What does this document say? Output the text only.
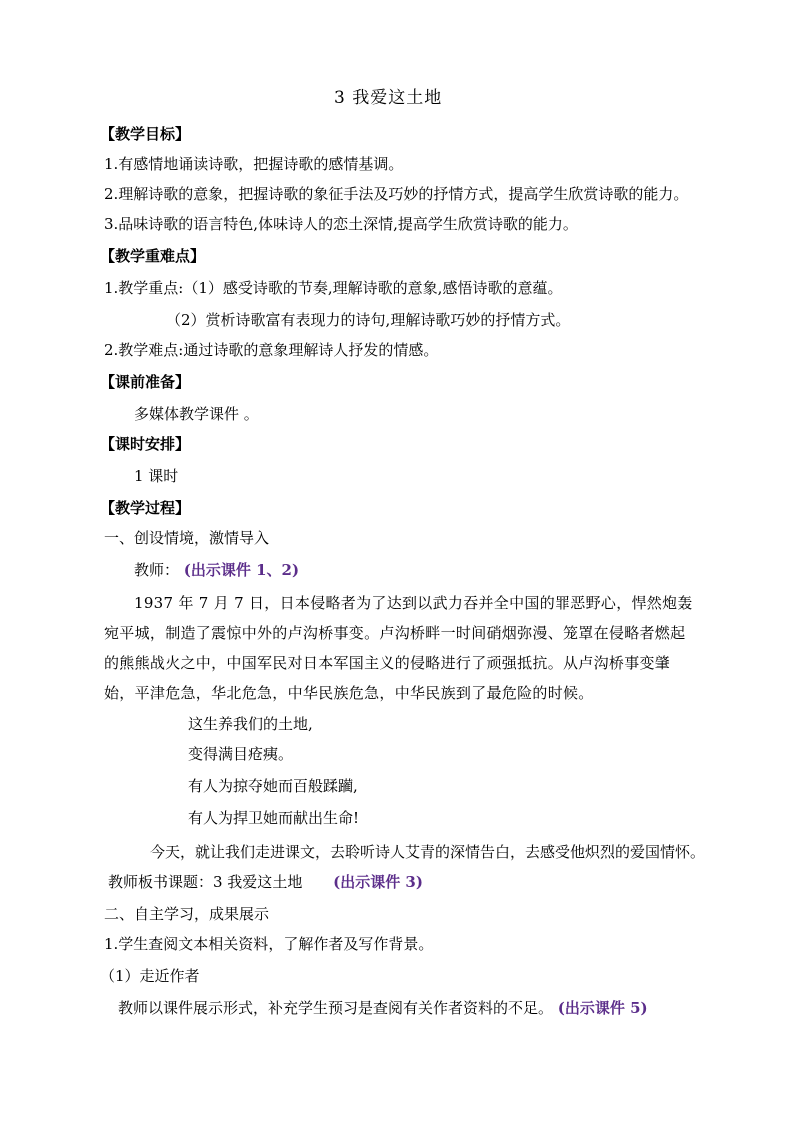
3 我爱这土地
【教学目标】
1.有感情地诵读诗歌，把握诗歌的感情基调。
2.理解诗歌的意象，把握诗歌的象征手法及巧妙的抒情方式，提高学生欣赏诗歌的能力。
3.品味诗歌的语言特色,体味诗人的恋土深情,提高学生欣赏诗歌的能力。
【教学重难点】
1.教学重点:（1）感受诗歌的节奏,理解诗歌的意象,感悟诗歌的意蕴。
（2）赏析诗歌富有表现力的诗句,理解诗歌巧妙的抒情方式。
2.教学难点:通过诗歌的意象理解诗人抒发的情感。
【课前准备】
多媒体教学课件 。
【课时安排】
1 课时
【教学过程】
一、创设情境，激情导入
教师： (出示课件 1、2)
1937 年 7 月 7 日，日本侵略者为了达到以武力吞并全中国的罪恶野心，悍然炮轰宛平城，制造了震惊中外的卢沟桥事变。卢沟桥畔一时间硝烟弥漫、笼罩在侵略者燃起的熊熊战火之中，中国军民对日本军国主义的侵略进行了顽强抵抗。从卢沟桥事变肇始，平津危急，华北危急，中华民族危急，中华民族到了最危险的时候。
这生养我们的土地,
变得满目疮痍。
有人为掠夺她而百般蹂躏,
有人为捍卫她而献出生命!
今天，就让我们走进课文，去聆听诗人艾青的深情告白，去感受他炽烈的爱国情怀。
教师板书课题：3 我爱这土地 (出示课件 3)
二、自主学习，成果展示
1.学生查阅文本相关资料，了解作者及写作背景。
（1）走近作者
教师以课件展示形式，补充学生预习是查阅有关作者资料的不足。 (出示课件 5)
